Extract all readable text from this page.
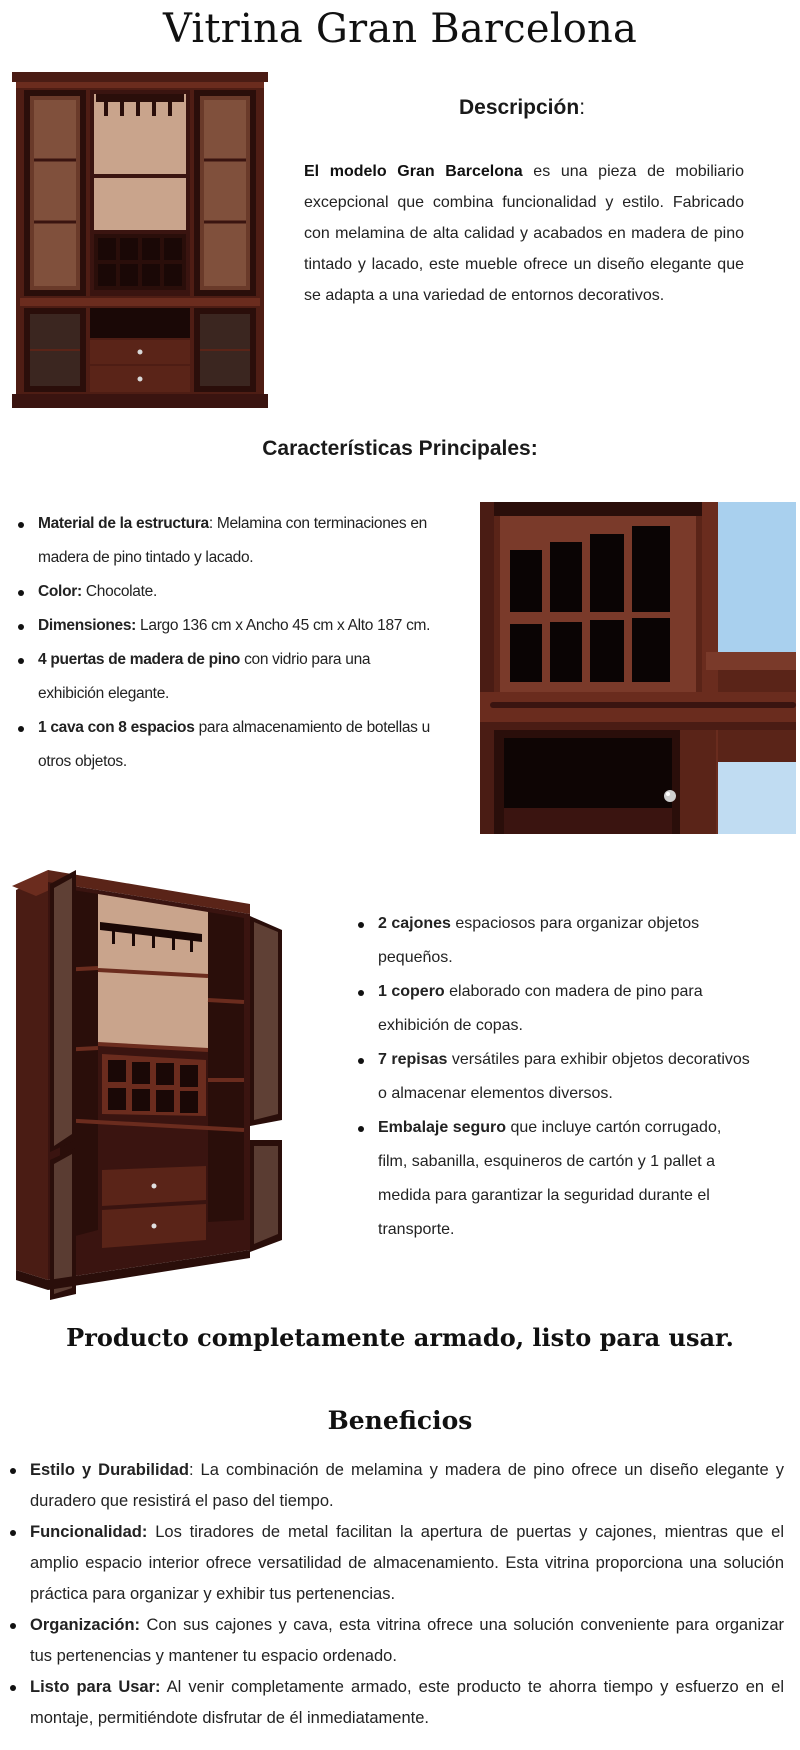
Vitrina Gran Barcelona
Descripción:

El modelo Gran Barcelona es una pieza de mobiliario excepcional que combina funcionalidad y estilo. Fabricado con melamina de alta calidad y acabados en madera de pino tintado y lacado, este mueble ofrece un diseño elegante que se adapta a una variedad de entornos decorativos.

Características Principales:
Material de la estructura: Melamina con terminaciones en madera de pino tintado y lacado.
Color: Chocolate.
Dimensiones: Largo 136 cm x Ancho 45 cm x Alto 187 cm.
4 puertas de madera de pino con vidrio para una exhibición elegante.
1 cava con 8 espacios para almacenamiento de botellas u otros objetos.
2 cajones espaciosos para organizar objetos pequeños.
1 copero elaborado con madera de pino para exhibición de copas.
7 repisas versátiles para exhibir objetos decorativos o almacenar elementos diversos.
Embalaje seguro que incluye cartón corrugado, film, sabanilla, esquineros de cartón y 1 pallet a medida para garantizar la seguridad durante el transporte.
Producto completamente armado, listo para usar.
Beneficios
Estilo y Durabilidad: La combinación de melamina y madera de pino ofrece un diseño elegante y duradero que resistirá el paso del tiempo.
Funcionalidad: Los tiradores de metal facilitan la apertura de puertas y cajones, mientras que el amplio espacio interior ofrece versatilidad de almacenamiento. Esta vitrina proporciona una solución práctica para organizar y exhibir tus pertenencias.
Organización: Con sus cajones y cava, esta vitrina ofrece una solución conveniente para organizar tus pertenencias y mantener tu espacio ordenado.
Listo para Usar: Al venir completamente armado, este producto te ahorra tiempo y esfuerzo en el montaje, permitiéndote disfrutar de él inmediatamente.
